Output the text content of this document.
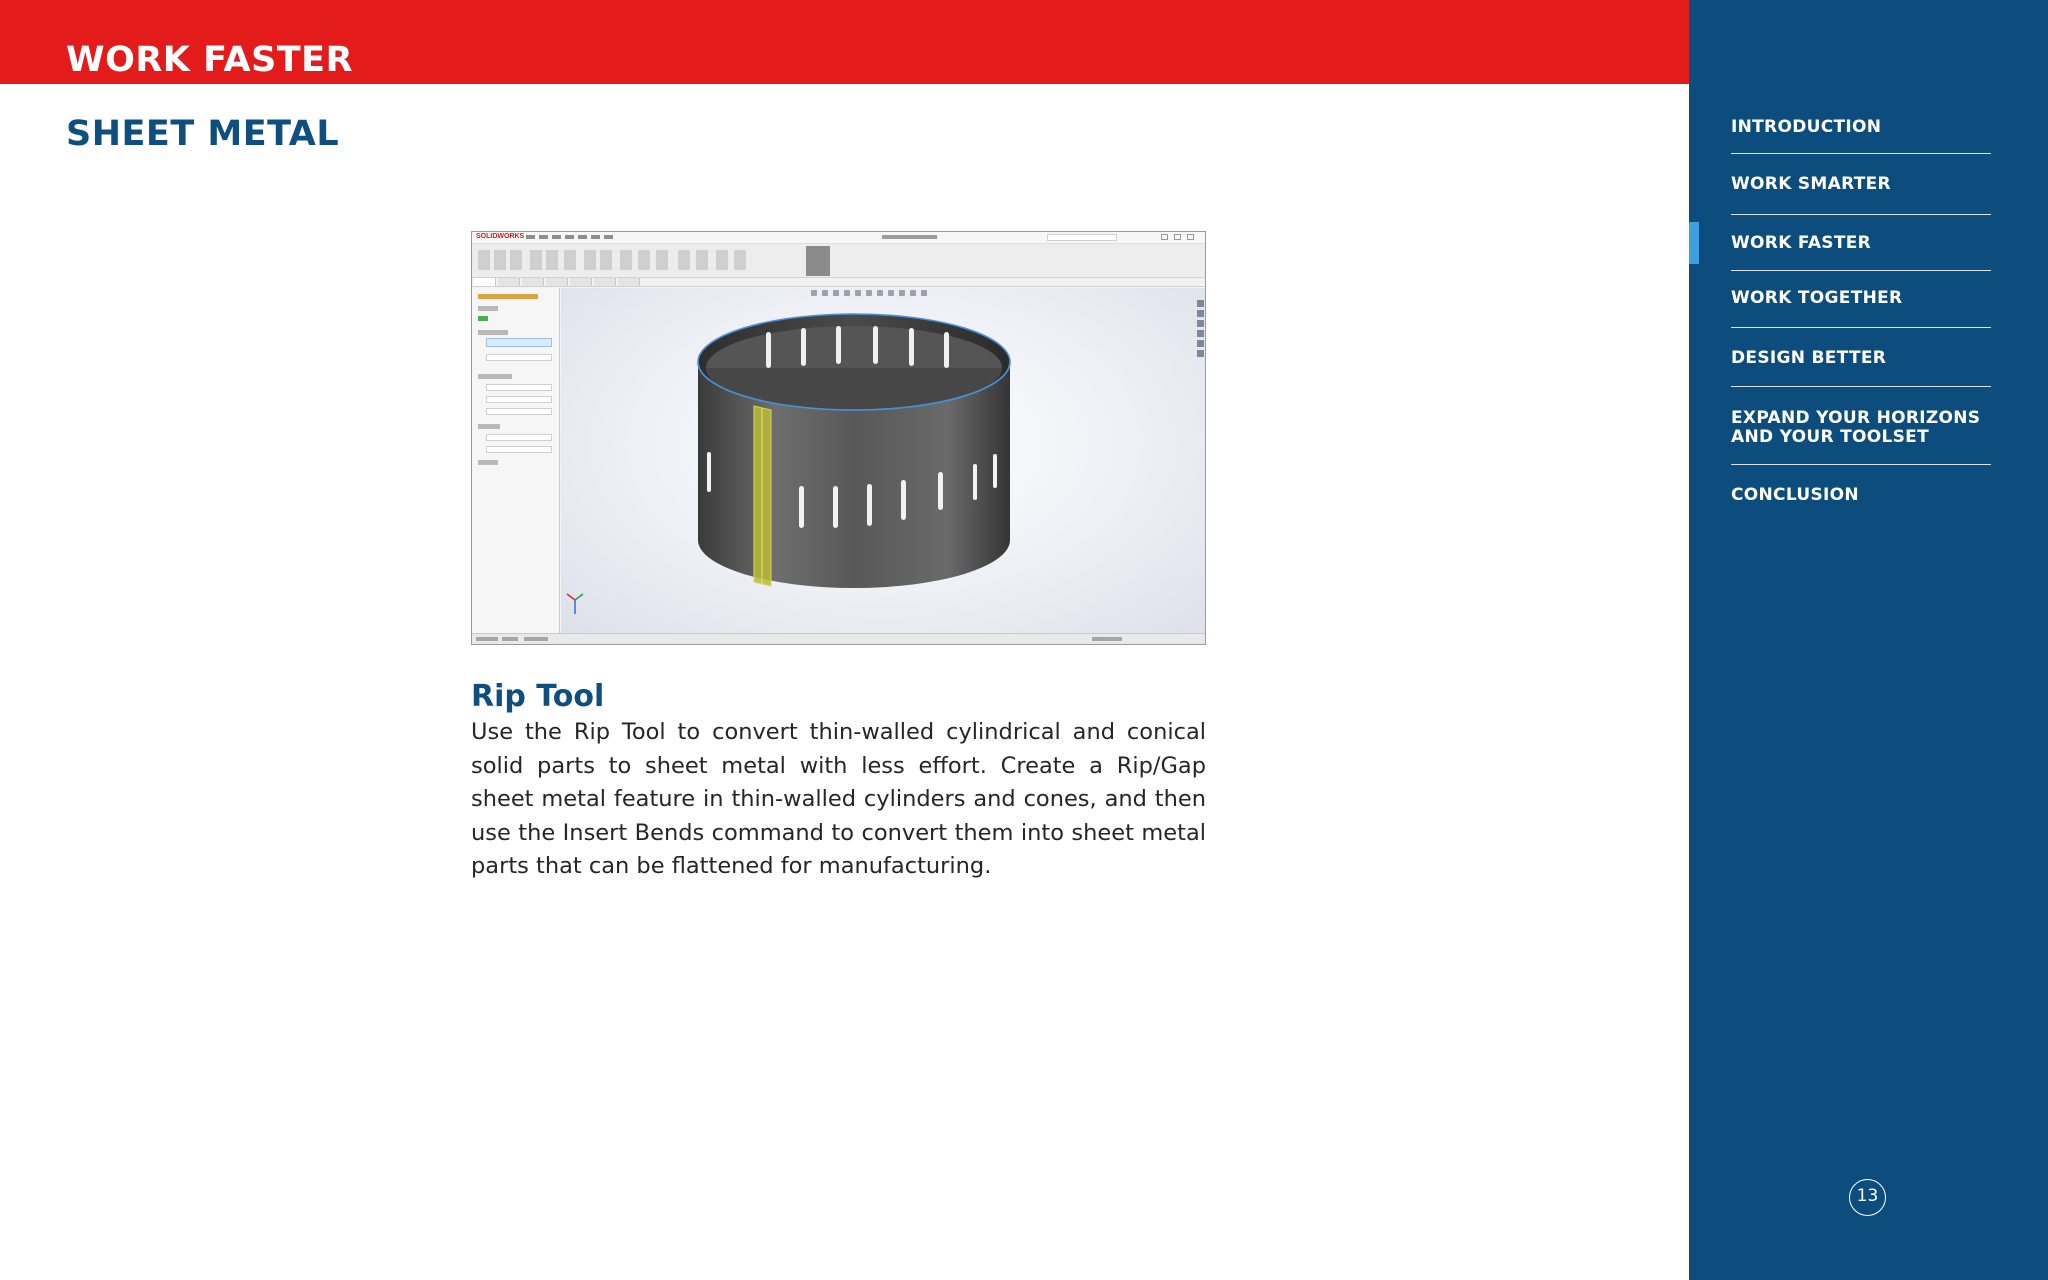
WORK FASTER
SHEET METAL
SOLIDWORKS
Rip Tool
Use the Rip Tool to convert thin-walled cylindrical and conical solid parts to sheet metal with less effort. Create a Rip/Gap sheet metal feature in thin-walled cylinders and cones, and then use the Insert Bends command to convert them into sheet metal parts that can be flattened for manufacturing.
INTRODUCTION
WORK SMARTER
WORK FASTER
WORK TOGETHER
DESIGN BETTER
EXPAND YOUR HORIZONS AND YOUR TOOLSET
CONCLUSION
13
